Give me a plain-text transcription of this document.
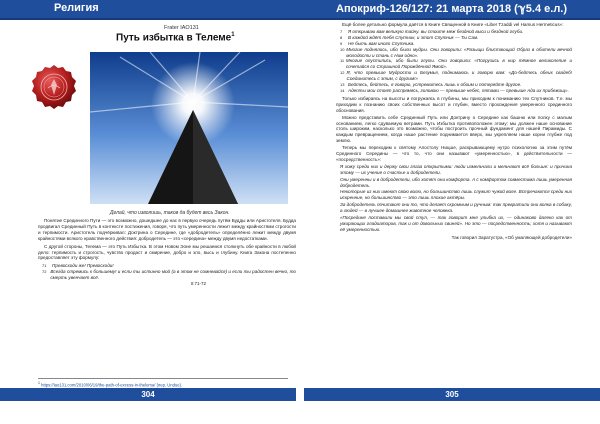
Религия	Апокриф-126/127: 21 марта 2018 (ℽ5.4 е.л.)
Frater IAO131
Путь избытка в Телеме$^1$
Делай, что изволишь, таков да будет весь Закон.

Понятие Срединного Пути — это возможно, дошедшее до нас в первую очередь путём Будды или Аристотеля. Будда продвигал Срединный Путь в контексте постижения, говоря, что путь умеренности лежит между крайностями строгости и терпимости. Аристотель подчёркивал: Доктрина о Середине, где «добродетель» определённо лежит между двумя крайностями всякого нравственного действия: добродетель — это «середина» между двумя недостатками.

С другой стороны, Телема — это Путь Избытка. В этом Новом Эоне мы решаемся столкнуть обе крайности в любой дело: терпимость и строгость, чувство продаст и смирение, добро и зло, высь и глубину. Книга Закона постепенно предоставляет эту формулу:

71	Превосходи же! Превосходи!
72 Всегда стремись к большему! и если ты истинно мой (а в этом не сомневайся) и если ты радостен вечно, то смерть увенчает всё.
II:71-72
$^1$ https://iao131.com/2010/06/19/the-path-of-excess-in-thelema/ (пер. Undue).
304

Ещё более детально формула даётся в Книге Священной в Книге «Liber Tzaddi vel Hamus Hermeticus»:

7	Я открываю вам великую тайну. вы стоите меж бездной выси и бездной глуби.
8	В каждой ждёт тебя Спутник, и этот Спутник — Ты Сам.
9	Не быть вам иного Спутника.
10 Многие поднялись, ибо были мудры. Они говорили: «Разыщи блистающий Образ в обители вечной молодости и стань с Ним одно».
11 Многие опустились, ибо были глупы. Они говорили: «Погрузись в нир тёмное великолепие и сочетайся со Страшной Порождённой Ямой».
12 Я, что превыше Мудрости и Безумья, поднимаюсь и говорю вам: «До-бейтесь обеих свадеб! Соединитесь с этим, с другим!»
13 Бейтесь, бейтесь, я говорю, устремитесь лишь к обоим и потеряйте другое.
14 Адепты мои стоят распрямясь, головою — превыше небес, пятами — превыше Ада их прибежищ».

Только избираясь на высоты и погружаясь в глубины, мы приходим к пониманию тех Спутников. Т.е. мы приходим к познанию своих собственных высот и глубин, вместо прохождения умеренного срединного обоснования.

Можно представить себе Срединный Путь или Доктрину о Середине как башню или полку с малым основанием, легко сдуваемую ветрами. Путь Избытка противоположен этому: мы должен наше основание столь широким, насколько это возможно, чтобы построить прочный фундамент для нашей Пирамиды. С каждым превращением, когда наше растение поднимается вверх, мы укрепляем наше корни глубже под землю.

Теперь мы переходим к святому Апостолу Ницше, раскрывающему нутро психологию за этим путём Срединного Середины — что то, что они называют «умеренностью», в действительности — «посредственность»:

Я хожу среди них и держу свои глаза открытыми: люди измельчали и мельчают всё больше: и причина этому — их учение о счастье и добродетели.

Они умеренны и в добродетели, ибо хотят они комфорта. А с комфортом совместима лишь умеренная добродетель.

Некоторые из них имеют свою волю, но большинство лишь служит чужой воле. Встречаются среди них искренние, но большинство — это лишь плохие актёры.

За добродетель почитают они то, что делает скромным и ручным: так превратили они волка в собаку, а людей — в лучшее домашнее животное человека.

«Посредине поставили мы свой стул, — так говорит мне улыбка их, — одинаково далеко как от умирающих гладиаторов, так и от довольных свиней». Но это — посредственность; хотя и называют её умеренностью.

Так говорил Заратустра, «Об умаляющей добродетели»
305
